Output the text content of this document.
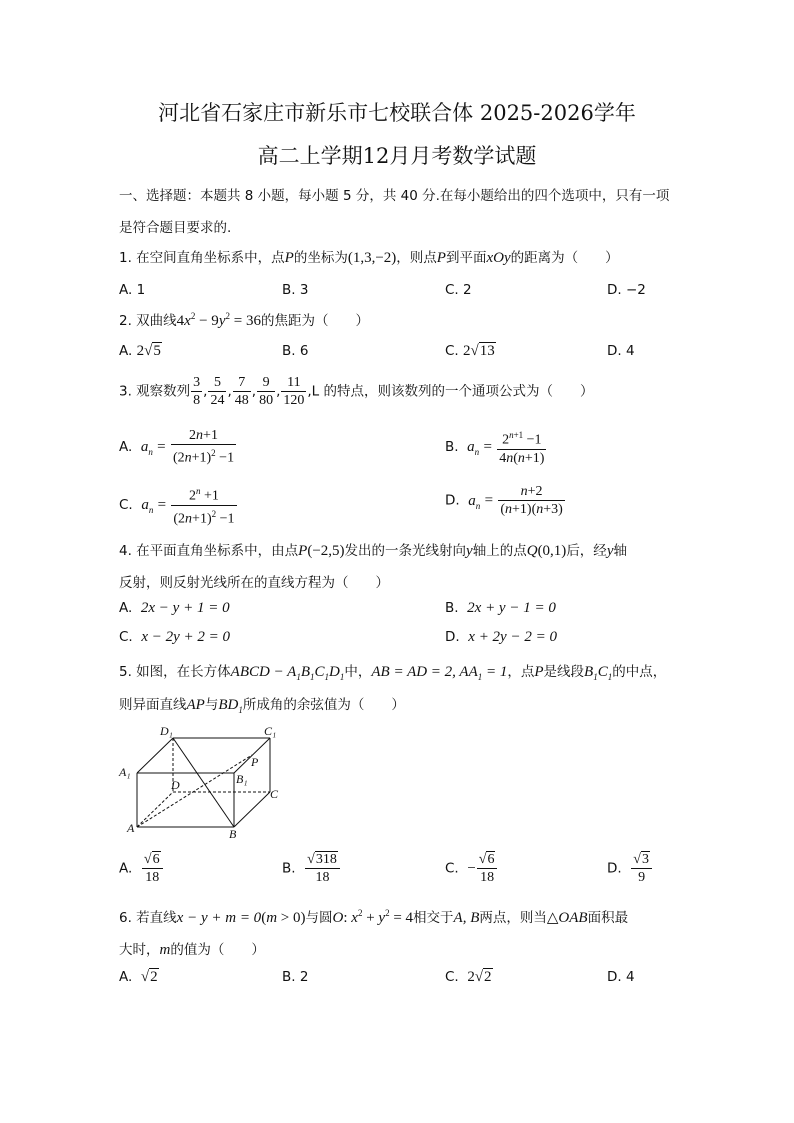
河北省石家庄市新乐市七校联合体 2025-2026学年
高二上学期12月月考数学试题
一、选择题：本题共 8 小题，每小题 5 分，共 40 分.在每小题给出的四个选项中，只有一项
是符合题目要求的.
1. 在空间直角坐标系中，点P的坐标为(1,3,−2)，则点P到平面xOy的距离为（　　）
A. 1	B. 3	C. 2	D. −2
2. 双曲线$4x^2 - 9y^2 = 36$的焦距为（　　）
A. 2√5	B. 6	C. 2√13	D. 4
3. 观察数列 $\frac{3}{8}$ , $\frac{5}{24}$ , $\frac{7}{48}$ , $\frac{9}{80}$ , $\frac{11}{120} ,L$ 的特点，则该数列的一个通项公式为（　　）
A.  $a_n = \frac{2n+1}{(2n+1)^2 -1}$	B.  $a_n = \frac{2^{n+1} -1}{4n(n+1)}$
C.  $a_n = \frac{2^n +1}{(2n+1)^2 -1}$	D.  $a_n = \frac{n+2}{(n+1)(n+3)}$
4. 在平面直角坐标系中，由点P(−2,5)发出的一条光线射向y轴上的点Q(0,1)后，经y轴
反射，则反射光线所在的直线方程为（　　）
A. 2x − y + 1 = 0	B. 2x + y − 1 = 0
C. x − 2y + 2 = 0	D. x + 2y − 2 = 0
5. 如图，在长方体ABCD − $A_1B_1C_1D_1$中，AB = AD = 2, $AA_1 = 1$，点P是线段$B_1C_1$的中点，
则异面直线AP与$BD_1$所成角的余弦值为（　　）
D₁	C₁
A₁	B₁
P
D
C
A	B
A. $\frac{√6}{18}$	B. $\frac{√318}{18}$	C. − $\frac{√6}{18}$	D. $\frac{√3}{9}$
6. 若直线x − y + m = 0(m > 0)与圆O: $x^2 + y^2 = 4$相交于A, B两点，则当△OAB面积最
大时，m的值为（　　）
A. √2	B. 2	C. 2√2	D. 4
